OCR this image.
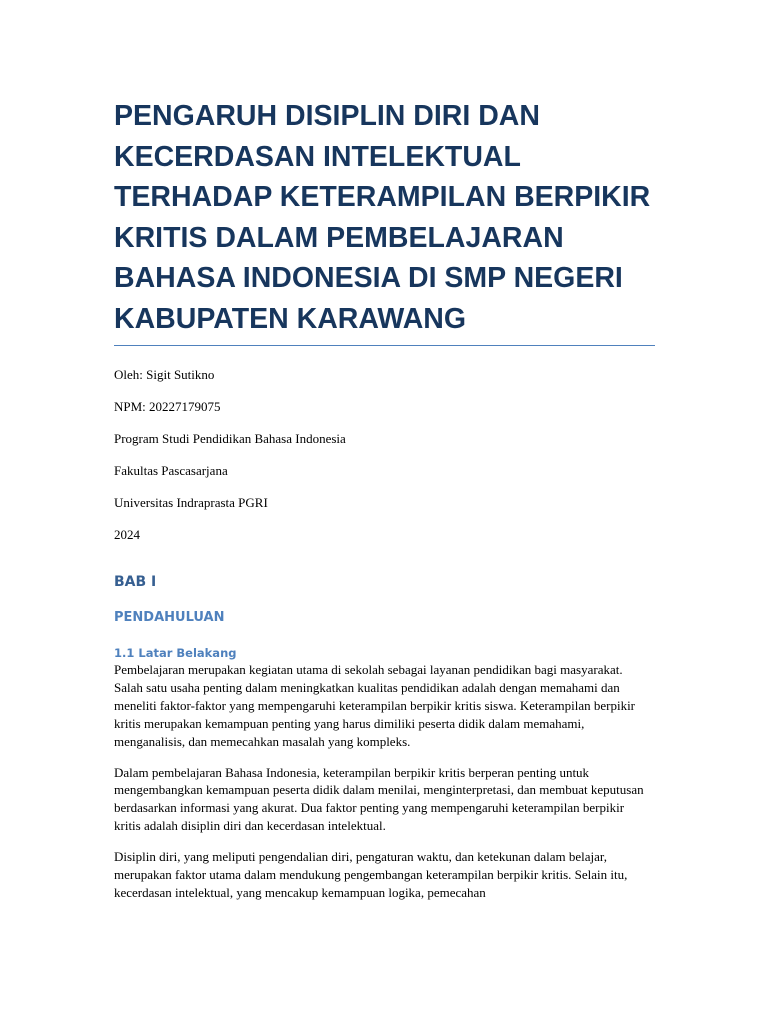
PENGARUH DISIPLIN DIRI DAN KECERDASAN INTELEKTUAL TERHADAP KETERAMPILAN BERPIKIR KRITIS DALAM PEMBELAJARAN BAHASA INDONESIA DI SMP NEGERI KABUPATEN KARAWANG

Oleh: Sigit Sutikno

NPM: 20227179075

Program Studi Pendidikan Bahasa Indonesia

Fakultas Pascasarjana

Universitas Indraprasta PGRI

2024

BAB I
PENDAHULUAN
1.1 Latar Belakang

Pembelajaran merupakan kegiatan utama di sekolah sebagai layanan pendidikan bagi masyarakat. Salah satu usaha penting dalam meningkatkan kualitas pendidikan adalah dengan memahami dan meneliti faktor-faktor yang mempengaruhi keterampilan berpikir kritis siswa. Keterampilan berpikir kritis merupakan kemampuan penting yang harus dimiliki peserta didik dalam memahami, menganalisis, dan memecahkan masalah yang kompleks.

Dalam pembelajaran Bahasa Indonesia, keterampilan berpikir kritis berperan penting untuk mengembangkan kemampuan peserta didik dalam menilai, menginterpretasi, dan membuat keputusan berdasarkan informasi yang akurat. Dua faktor penting yang mempengaruhi keterampilan berpikir kritis adalah disiplin diri dan kecerdasan intelektual.

Disiplin diri, yang meliputi pengendalian diri, pengaturan waktu, dan ketekunan dalam belajar, merupakan faktor utama dalam mendukung pengembangan keterampilan berpikir kritis. Selain itu, kecerdasan intelektual, yang mencakup kemampuan logika, pemecahan
